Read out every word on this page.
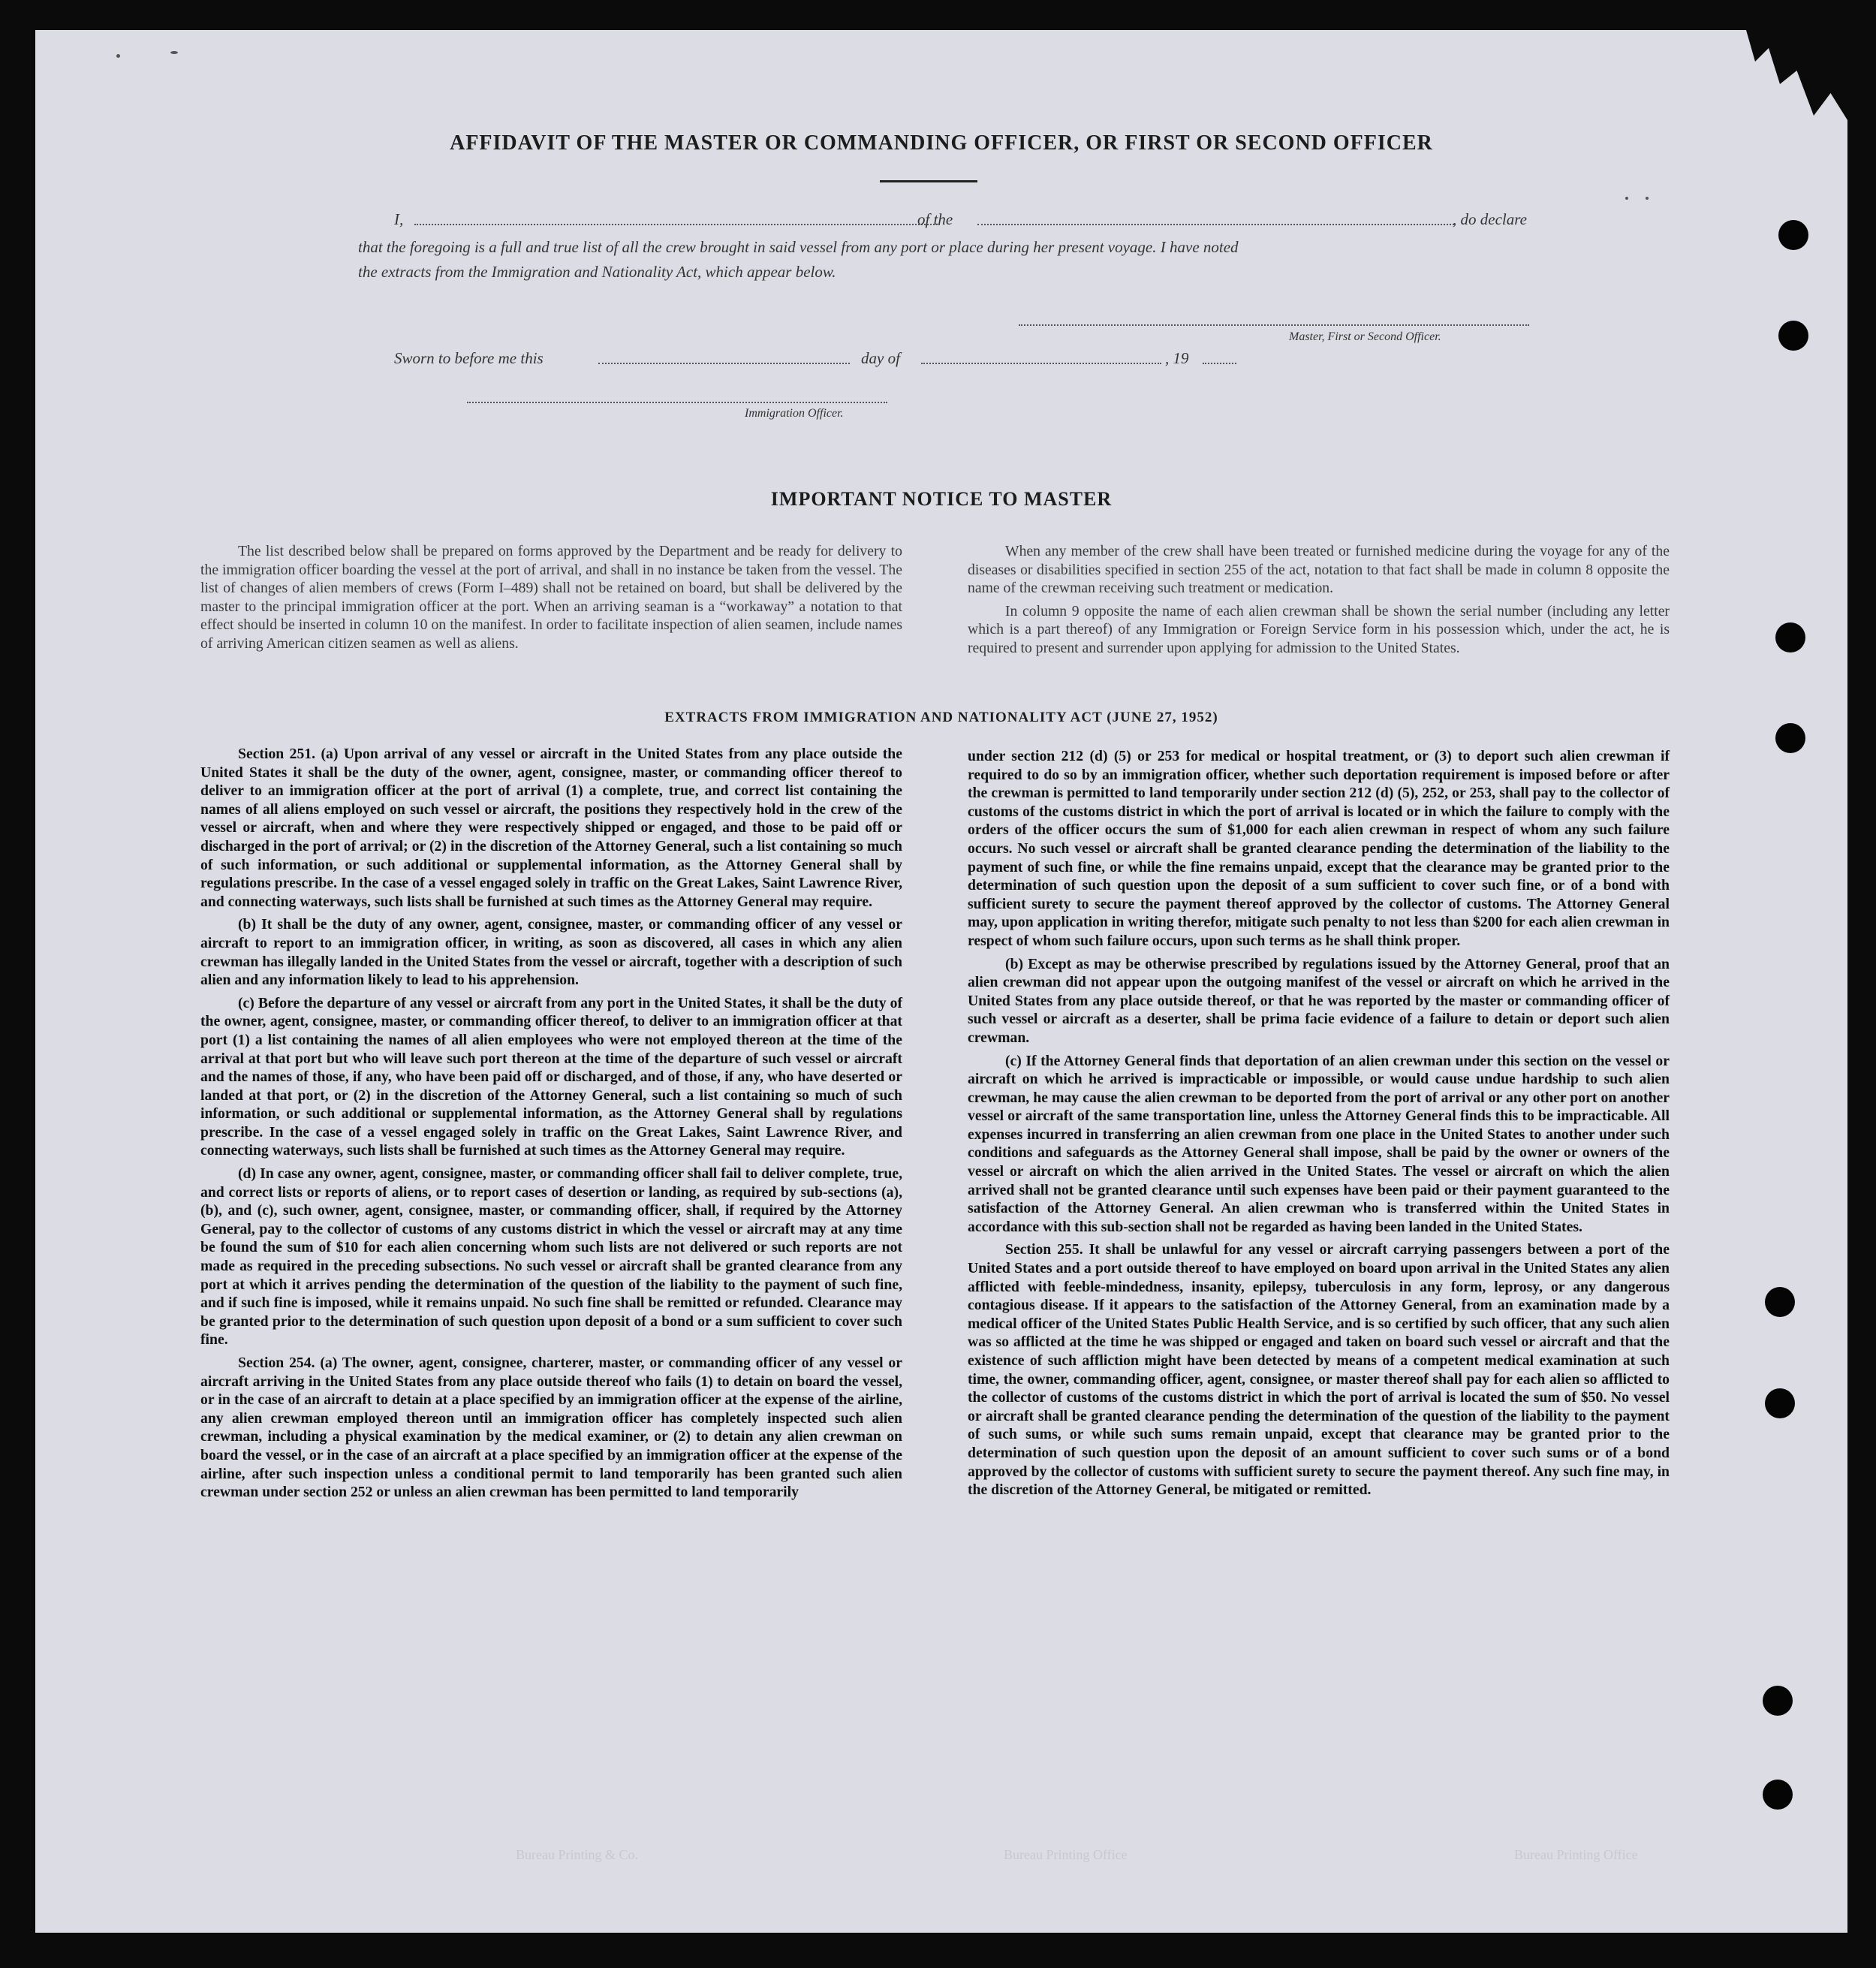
AFFIDAVIT OF THE MASTER OR COMMANDING OFFICER, OR FIRST OR SECOND OFFICER
I,	of the	, do declare
that the foregoing is a full and true list of all the crew brought in said vessel from any port or place during her present voyage. I have noted
the extracts from the Immigration and Nationality Act, which appear below.
Master, First or Second Officer.
Sworn to before me this	day of	, 19
Immigration Officer.
IMPORTANT NOTICE TO MASTER

The list described below shall be prepared on forms approved by the Department and be ready for delivery to the immigration officer boarding the vessel at the port of arrival, and shall in no instance be taken from the vessel. The list of changes of alien members of crews (Form I–489) shall not be retained on board, but shall be delivered by the master to the principal immigration officer at the port. When an arriving seaman is a “workaway” a notation to that effect should be inserted in column 10 on the manifest. In order to facilitate inspection of alien seamen, include names of arriving American citizen seamen as well as aliens.

When any member of the crew shall have been treated or furnished medicine during the voyage for any of the diseases or disabilities specified in section 255 of the act, notation to that fact shall be made in column 8 opposite the name of the crewman receiving such treatment or medication.

In column 9 opposite the name of each alien crewman shall be shown the serial number (including any letter which is a part thereof) of any Immigration or Foreign Service form in his possession which, under the act, he is required to present and surrender upon applying for admission to the United States.

EXTRACTS FROM IMMIGRATION AND NATIONALITY ACT (JUNE 27, 1952)

Section 251. (a) Upon arrival of any vessel or aircraft in the United States from any place outside the United States it shall be the duty of the owner, agent, consignee, master, or commanding officer thereof to deliver to an immigration officer at the port of arrival (1) a complete, true, and correct list containing the names of all aliens employed on such vessel or aircraft, the positions they respectively hold in the crew of the vessel or aircraft, when and where they were respectively shipped or engaged, and those to be paid off or discharged in the port of arrival; or (2) in the discretion of the Attorney General, such a list containing so much of such information, or such additional or supplemental information, as the Attorney General shall by regulations prescribe. In the case of a vessel engaged solely in traffic on the Great Lakes, Saint Lawrence River, and connecting waterways, such lists shall be furnished at such times as the Attorney General may require.

(b) It shall be the duty of any owner, agent, consignee, master, or commanding officer of any vessel or aircraft to report to an immigration officer, in writing, as soon as discovered, all cases in which any alien crewman has illegally landed in the United States from the vessel or aircraft, together with a description of such alien and any information likely to lead to his apprehension.

(c) Before the departure of any vessel or aircraft from any port in the United States, it shall be the duty of the owner, agent, consignee, master, or commanding officer thereof, to deliver to an immigration officer at that port (1) a list containing the names of all alien employees who were not employed thereon at the time of the arrival at that port but who will leave such port thereon at the time of the departure of such vessel or aircraft and the names of those, if any, who have been paid off or discharged, and of those, if any, who have deserted or landed at that port, or (2) in the discretion of the Attorney General, such a list containing so much of such information, or such additional or supplemental information, as the Attorney General shall by regulations prescribe. In the case of a vessel engaged solely in traffic on the Great Lakes, Saint Lawrence River, and connecting waterways, such lists shall be furnished at such times as the Attorney General may require.

(d) In case any owner, agent, consignee, master, or commanding officer shall fail to deliver complete, true, and correct lists or reports of aliens, or to report cases of desertion or landing, as required by sub-sections (a), (b), and (c), such owner, agent, consignee, master, or commanding officer, shall, if required by the Attorney General, pay to the collector of customs of any customs district in which the vessel or aircraft may at any time be found the sum of $10 for each alien concerning whom such lists are not delivered or such reports are not made as required in the preceding subsections. No such vessel or aircraft shall be granted clearance from any port at which it arrives pending the determination of the question of the liability to the payment of such fine, and if such fine is imposed, while it remains unpaid. No such fine shall be remitted or refunded. Clearance may be granted prior to the determination of such question upon deposit of a bond or a sum sufficient to cover such fine.

Section 254. (a) The owner, agent, consignee, charterer, master, or commanding officer of any vessel or aircraft arriving in the United States from any place outside thereof who fails (1) to detain on board the vessel, or in the case of an aircraft to detain at a place specified by an immigration officer at the expense of the airline, any alien crewman employed thereon until an immigration officer has completely inspected such alien crewman, including a physical examination by the medical examiner, or (2) to detain any alien crewman on board the vessel, or in the case of an aircraft at a place specified by an immigration officer at the expense of the airline, after such inspection unless a conditional permit to land temporarily has been granted such alien crewman under section 252 or unless an alien crewman has been permitted to land temporarily

under section 212 (d) (5) or 253 for medical or hospital treatment, or (3) to deport such alien crewman if required to do so by an immigration officer, whether such deportation requirement is imposed before or after the crewman is permitted to land temporarily under section 212 (d) (5), 252, or 253, shall pay to the collector of customs of the customs district in which the port of arrival is located or in which the failure to comply with the orders of the officer occurs the sum of $1,000 for each alien crewman in respect of whom any such failure occurs. No such vessel or aircraft shall be granted clearance pending the determination of the liability to the payment of such fine, or while the fine remains unpaid, except that the clearance may be granted prior to the determination of such question upon the deposit of a sum sufficient to cover such fine, or of a bond with sufficient surety to secure the payment thereof approved by the collector of customs. The Attorney General may, upon application in writing therefor, mitigate such penalty to not less than $200 for each alien crewman in respect of whom such failure occurs, upon such terms as he shall think proper.

(b) Except as may be otherwise prescribed by regulations issued by the Attorney General, proof that an alien crewman did not appear upon the outgoing manifest of the vessel or aircraft on which he arrived in the United States from any place outside thereof, or that he was reported by the master or commanding officer of such vessel or aircraft as a deserter, shall be prima facie evidence of a failure to detain or deport such alien crewman.

(c) If the Attorney General finds that deportation of an alien crewman under this section on the vessel or aircraft on which he arrived is impracticable or impossible, or would cause undue hardship to such alien crewman, he may cause the alien crewman to be deported from the port of arrival or any other port on another vessel or aircraft of the same transportation line, unless the Attorney General finds this to be impracticable. All expenses incurred in transferring an alien crewman from one place in the United States to another under such conditions and safeguards as the Attorney General shall impose, shall be paid by the owner or owners of the vessel or aircraft on which the alien arrived in the United States. The vessel or aircraft on which the alien arrived shall not be granted clearance until such expenses have been paid or their payment guaranteed to the satisfaction of the Attorney General. An alien crewman who is transferred within the United States in accordance with this sub-section shall not be regarded as having been landed in the United States.

Section 255. It shall be unlawful for any vessel or aircraft carrying passengers between a port of the United States and a port outside thereof to have employed on board upon arrival in the United States any alien afflicted with feeble-mindedness, insanity, epilepsy, tuberculosis in any form, leprosy, or any dangerous contagious disease. If it appears to the satisfaction of the Attorney General, from an examination made by a medical officer of the United States Public Health Service, and is so certified by such officer, that any such alien was so afflicted at the time he was shipped or engaged and taken on board such vessel or aircraft and that the existence of such affliction might have been detected by means of a competent medical examination at such time, the owner, commanding officer, agent, consignee, or master thereof shall pay for each alien so afflicted to the collector of customs of the customs district in which the port of arrival is located the sum of $50. No vessel or aircraft shall be granted clearance pending the determination of the question of the liability to the payment of such sums, or while such sums remain unpaid, except that clearance may be granted prior to the determination of such question upon the deposit of an amount sufficient to cover such sums or of a bond approved by the collector of customs with sufficient surety to secure the payment thereof. Any such fine may, in the discretion of the Attorney General, be mitigated or remitted.

Bureau Printing & Co.	Bureau Printing Office	Bureau Printing Office
